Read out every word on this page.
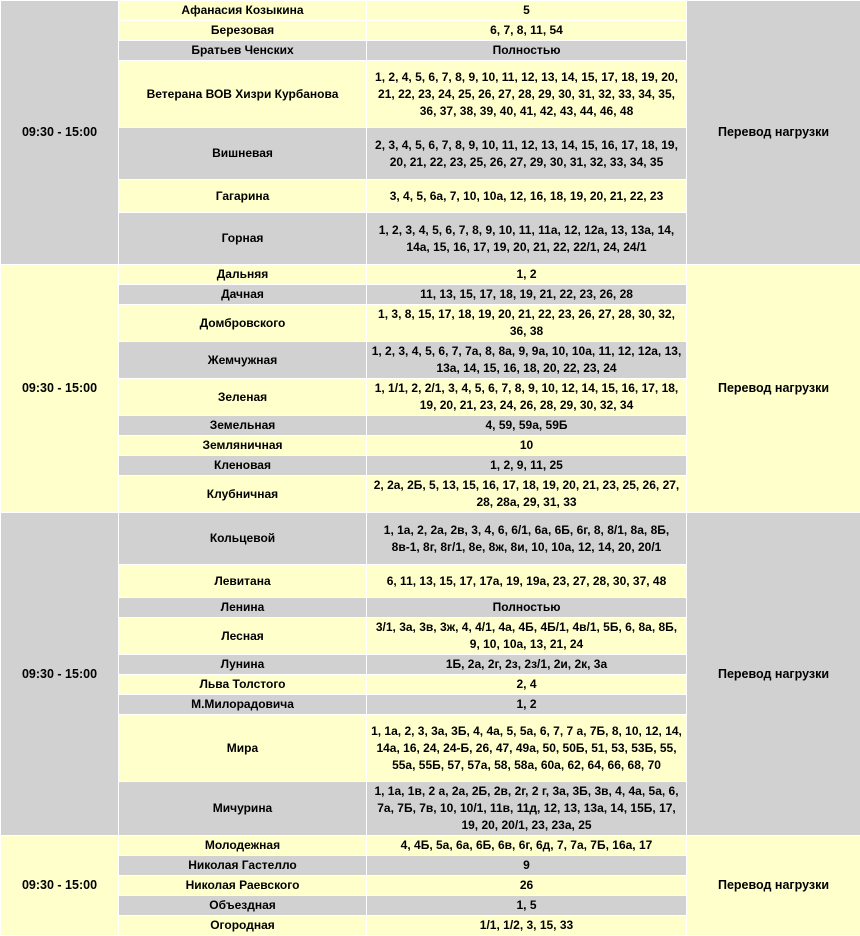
09:30 - 15:00	Афанасия Козыкина	5	Перевод нагрузки
	Березовая	6, 7, 8, 11, 54	
	Братьев Ченских	Полностью	
	Ветерана ВОВ Хизри Курбанова	1, 2, 4, 5, 6, 7, 8, 9, 10, 11, 12, 13, 14, 15, 17, 18, 19, 20, 21, 22, 23, 24, 25, 26, 27, 28, 29, 30, 31, 32, 33, 34, 35, 36, 37, 38, 39, 40, 41, 42, 43, 44, 46, 48	
	Вишневая	2, 3, 4, 5, 6, 7, 8, 9, 10, 11, 12, 13, 14, 15, 16, 17, 18, 19, 20, 21, 22, 23, 25, 26, 27, 29, 30, 31, 32, 33, 34, 35	
	Гагарина	3, 4, 5, 6а, 7, 10, 10а, 12, 16, 18, 19, 20, 21, 22, 23	
	Горная	1, 2, 3, 4, 5, 6, 7, 8, 9, 10, 11, 11а, 12, 12а, 13, 13а, 14, 14а, 15, 16, 17, 19, 20, 21, 22, 22/1, 24, 24/1	
09:30 - 15:00	Дальняя	1, 2	Перевод нагрузки
	Дачная	11, 13, 15, 17, 18, 19, 21, 22, 23, 26, 28	
	Домбровского	1, 3, 8, 15, 17, 18, 19, 20, 21, 22, 23, 26, 27, 28, 30, 32, 36, 38	
	Жемчужная	1, 2, 3, 4, 5, 6, 7, 7а, 8, 8а, 9, 9а, 10, 10а, 11, 12, 12а, 13, 13а, 14, 15, 16, 18, 20, 22, 23, 24	
	Зеленая	1, 1/1, 2, 2/1, 3, 4, 5, 6, 7, 8, 9, 10, 12, 14, 15, 16, 17, 18, 19, 20, 21, 23, 24, 26, 28, 29, 30, 32, 34	
	Земельная	4, 59, 59а, 59Б	
	Земляничная	10	
	Кленовая	1, 2, 9, 11, 25	
	Клубничная	2, 2а, 2Б, 5, 13, 15, 16, 17, 18, 19, 20, 21, 23, 25, 26, 27, 28, 28а, 29, 31, 33	
09:30 - 15:00	Кольцевой	1, 1а, 2, 2а, 2в, 3, 4, 6, 6/1, 6а, 6Б, 6г, 8, 8/1, 8а, 8Б, 8в-1, 8г, 8г/1, 8е, 8ж, 8и, 10, 10а, 12, 14, 20, 20/1	Перевод нагрузки
	Левитана	6, 11, 13, 15, 17, 17а, 19, 19а, 23, 27, 28, 30, 37, 48	
	Ленина	Полностью	
	Лесная	3/1, 3а, 3в, 3ж, 4, 4/1, 4а, 4Б, 4Б/1, 4в/1, 5Б, 6, 8а, 8Б, 9, 10, 10а, 13, 21, 24	
	Лунина	1Б, 2а, 2г, 2з, 2з/1, 2и, 2к, 3а	
	Льва Толстого	2, 4	
	М.Милорадовича	1, 2	
	Мира	1, 1а, 2, 3, 3а, 3Б, 4, 4а, 5, 5а, 6, 7, 7 а, 7Б, 8, 10, 12, 14, 14а, 16, 24, 24-Б, 26, 47, 49а, 50, 50Б, 51, 53, 53Б, 55, 55а, 55Б, 57, 57а, 58, 58а, 60а, 62, 64, 66, 68, 70	
	Мичурина	1, 1а, 1в, 2 а, 2а, 2Б, 2в, 2г, 2 г, 3а, 3Б, 3в, 4, 4а, 5а, 6, 7а, 7Б, 7в, 10, 10/1, 11в, 11д, 12, 13, 13а, 14, 15Б, 17, 19, 20, 20/1, 23, 23а, 25	
09:30 - 15:00	Молодежная	4, 4Б, 5а, 6а, 6Б, 6в, 6г, 6д, 7, 7а, 7Б, 16а, 17	Перевод нагрузки
	Николая Гастелло	9	
	Николая Раевского	26	
	Объездная	1, 5	
	Огородная	1/1, 1/2, 3, 15, 33	
